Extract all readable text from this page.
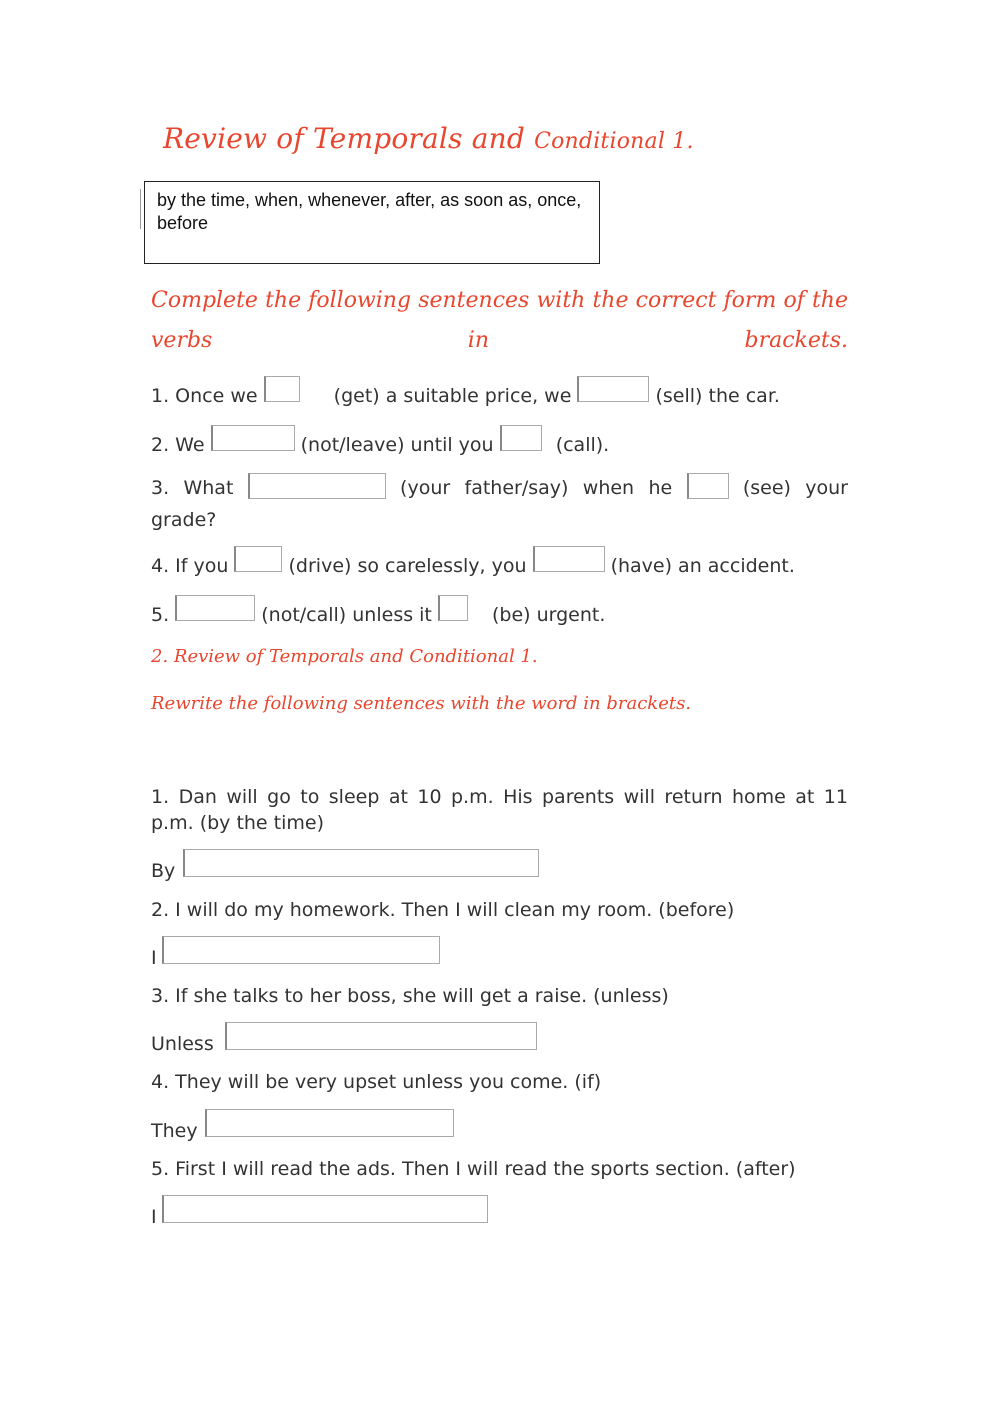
Review of Temporals and Conditional 1.
by the time, when, whenever, after, as soon as, once, before
Complete the following sentences with the correct form of the verbs in brackets.
1. Once we	(get) a suitable price, we	(sell) the car.
2. We	(not/leave) until you	(call).
3. What	(your father/say) when he	(see) your
grade?
4. If you	(drive) so carelessly, you	(have) an accident.
5.	(not/call) unless it	(be) urgent.
2. Review of Temporals and Conditional 1.
Rewrite the following sentences with the word in brackets.
1. Dan will go to sleep at 10 p.m. His parents will return home at 11
p.m. (by the time)
By
2. I will do my homework. Then I will clean my room. (before)
I
3. If she talks to her boss, she will get a raise. (unless)
Unless
4. They will be very upset unless you come. (if)
They
5. First I will read the ads. Then I will read the sports section. (after)
I
